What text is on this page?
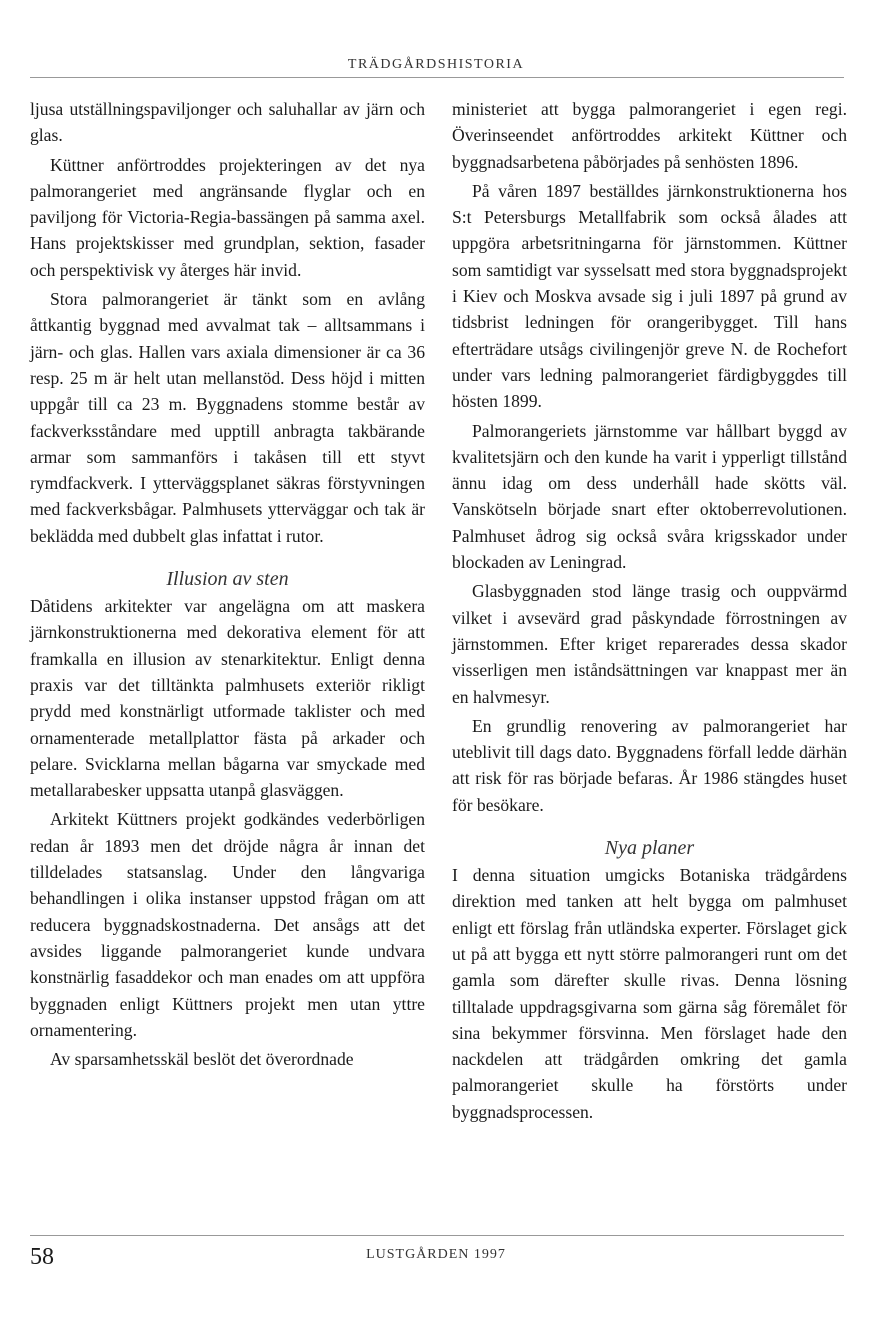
TRÄDGÅRDSHISTORIA

ljusa utställningspaviljonger och saluhallar av järn och glas.

Küttner anförtroddes projekteringen av det nya palmorangeriet med angränsande flyglar och en paviljong för Victoria-Regia-bassängen på samma axel. Hans projektskisser med grundplan, sektion, fasader och perspektivisk vy återges här invid.

Stora palmorangeriet är tänkt som en avlång åttkantig byggnad med avvalmat tak – alltsammans i järn- och glas. Hallen vars axiala dimensioner är ca 36 resp. 25 m är helt utan mellanstöd. Dess höjd i mitten uppgår till ca 23 m. Byggnadens stomme består av fackverksståndare med upptill anbragta takbärande armar som sammanförs i takåsen till ett styvt rymdfackverk. I ytterväggsplanet säkras förstyvningen med fackverksbågar. Palmhusets ytterväggar och tak är beklädda med dubbelt glas infattat i rutor.

Illusion av sten

Dåtidens arkitekter var angelägna om att maskera järnkonstruktionerna med dekorativa element för att framkalla en illusion av stenarkitektur. Enligt denna praxis var det tilltänkta palmhusets exteriör rikligt prydd med konstnärligt utformade taklister och med ornamenterade metallplattor fästa på arkader och pelare. Svicklarna mellan bågarna var smyckade med metallarabesker uppsatta utanpå glasväggen.

Arkitekt Küttners projekt godkändes vederbörligen redan år 1893 men det dröjde några år innan det tilldelades statsanslag. Under den långvariga behandlingen i olika instanser uppstod frågan om att reducera byggnadskostnaderna. Det ansågs att det avsides liggande palmorangeriet kunde undvara konstnärlig fasaddekor och man enades om att uppföra byggnaden enligt Küttners projekt men utan yttre ornamentering.

Av sparsamhetsskäl beslöt det överordnade

ministeriet att bygga palmorangeriet i egen regi. Överinseendet anförtroddes arkitekt Küttner och byggnadsarbetena påbörjades på senhösten 1896.

På våren 1897 beställdes järnkonstruktionerna hos S:t Petersburgs Metallfabrik som också ålades att uppgöra arbetsritningarna för järnstommen. Küttner som samtidigt var sysselsatt med stora byggnadsprojekt i Kiev och Moskva avsade sig i juli 1897 på grund av tidsbrist ledningen för orangeribygget. Till hans efterträdare utsågs civilingenjör greve N. de Rochefort under vars ledning palmorangeriet färdigbyggdes till hösten 1899.

Palmorangeriets järnstomme var hållbart byggd av kvalitetsjärn och den kunde ha varit i ypperligt tillstånd ännu idag om dess underhåll hade skötts väl. Vanskötseln började snart efter oktoberrevolutionen. Palmhuset ådrog sig också svåra krigsskador under blockaden av Leningrad.

Glasbyggnaden stod länge trasig och ouppvärmd vilket i avsevärd grad påskyndade förrostningen av järnstommen. Efter kriget reparerades dessa skador visserligen men iståndsättningen var knappast mer än en halvmesyr.

En grundlig renovering av palmorangeriet har uteblivit till dags dato. Byggnadens förfall ledde därhän att risk för ras började befaras. År 1986 stängdes huset för besökare.

Nya planer

I denna situation umgicks Botaniska trädgårdens direktion med tanken att helt bygga om palmhuset enligt ett förslag från utländska experter. Förslaget gick ut på att bygga ett nytt större palmorangeri runt om det gamla som därefter skulle rivas. Denna lösning tilltalade uppdragsgivarna som gärna såg föremålet för sina bekymmer försvinna. Men förslaget hade den nackdelen att trädgården omkring det gamla palmorangeriet skulle ha förstörts under byggnadsprocessen.

58	LUSTGÅRDEN 1997
